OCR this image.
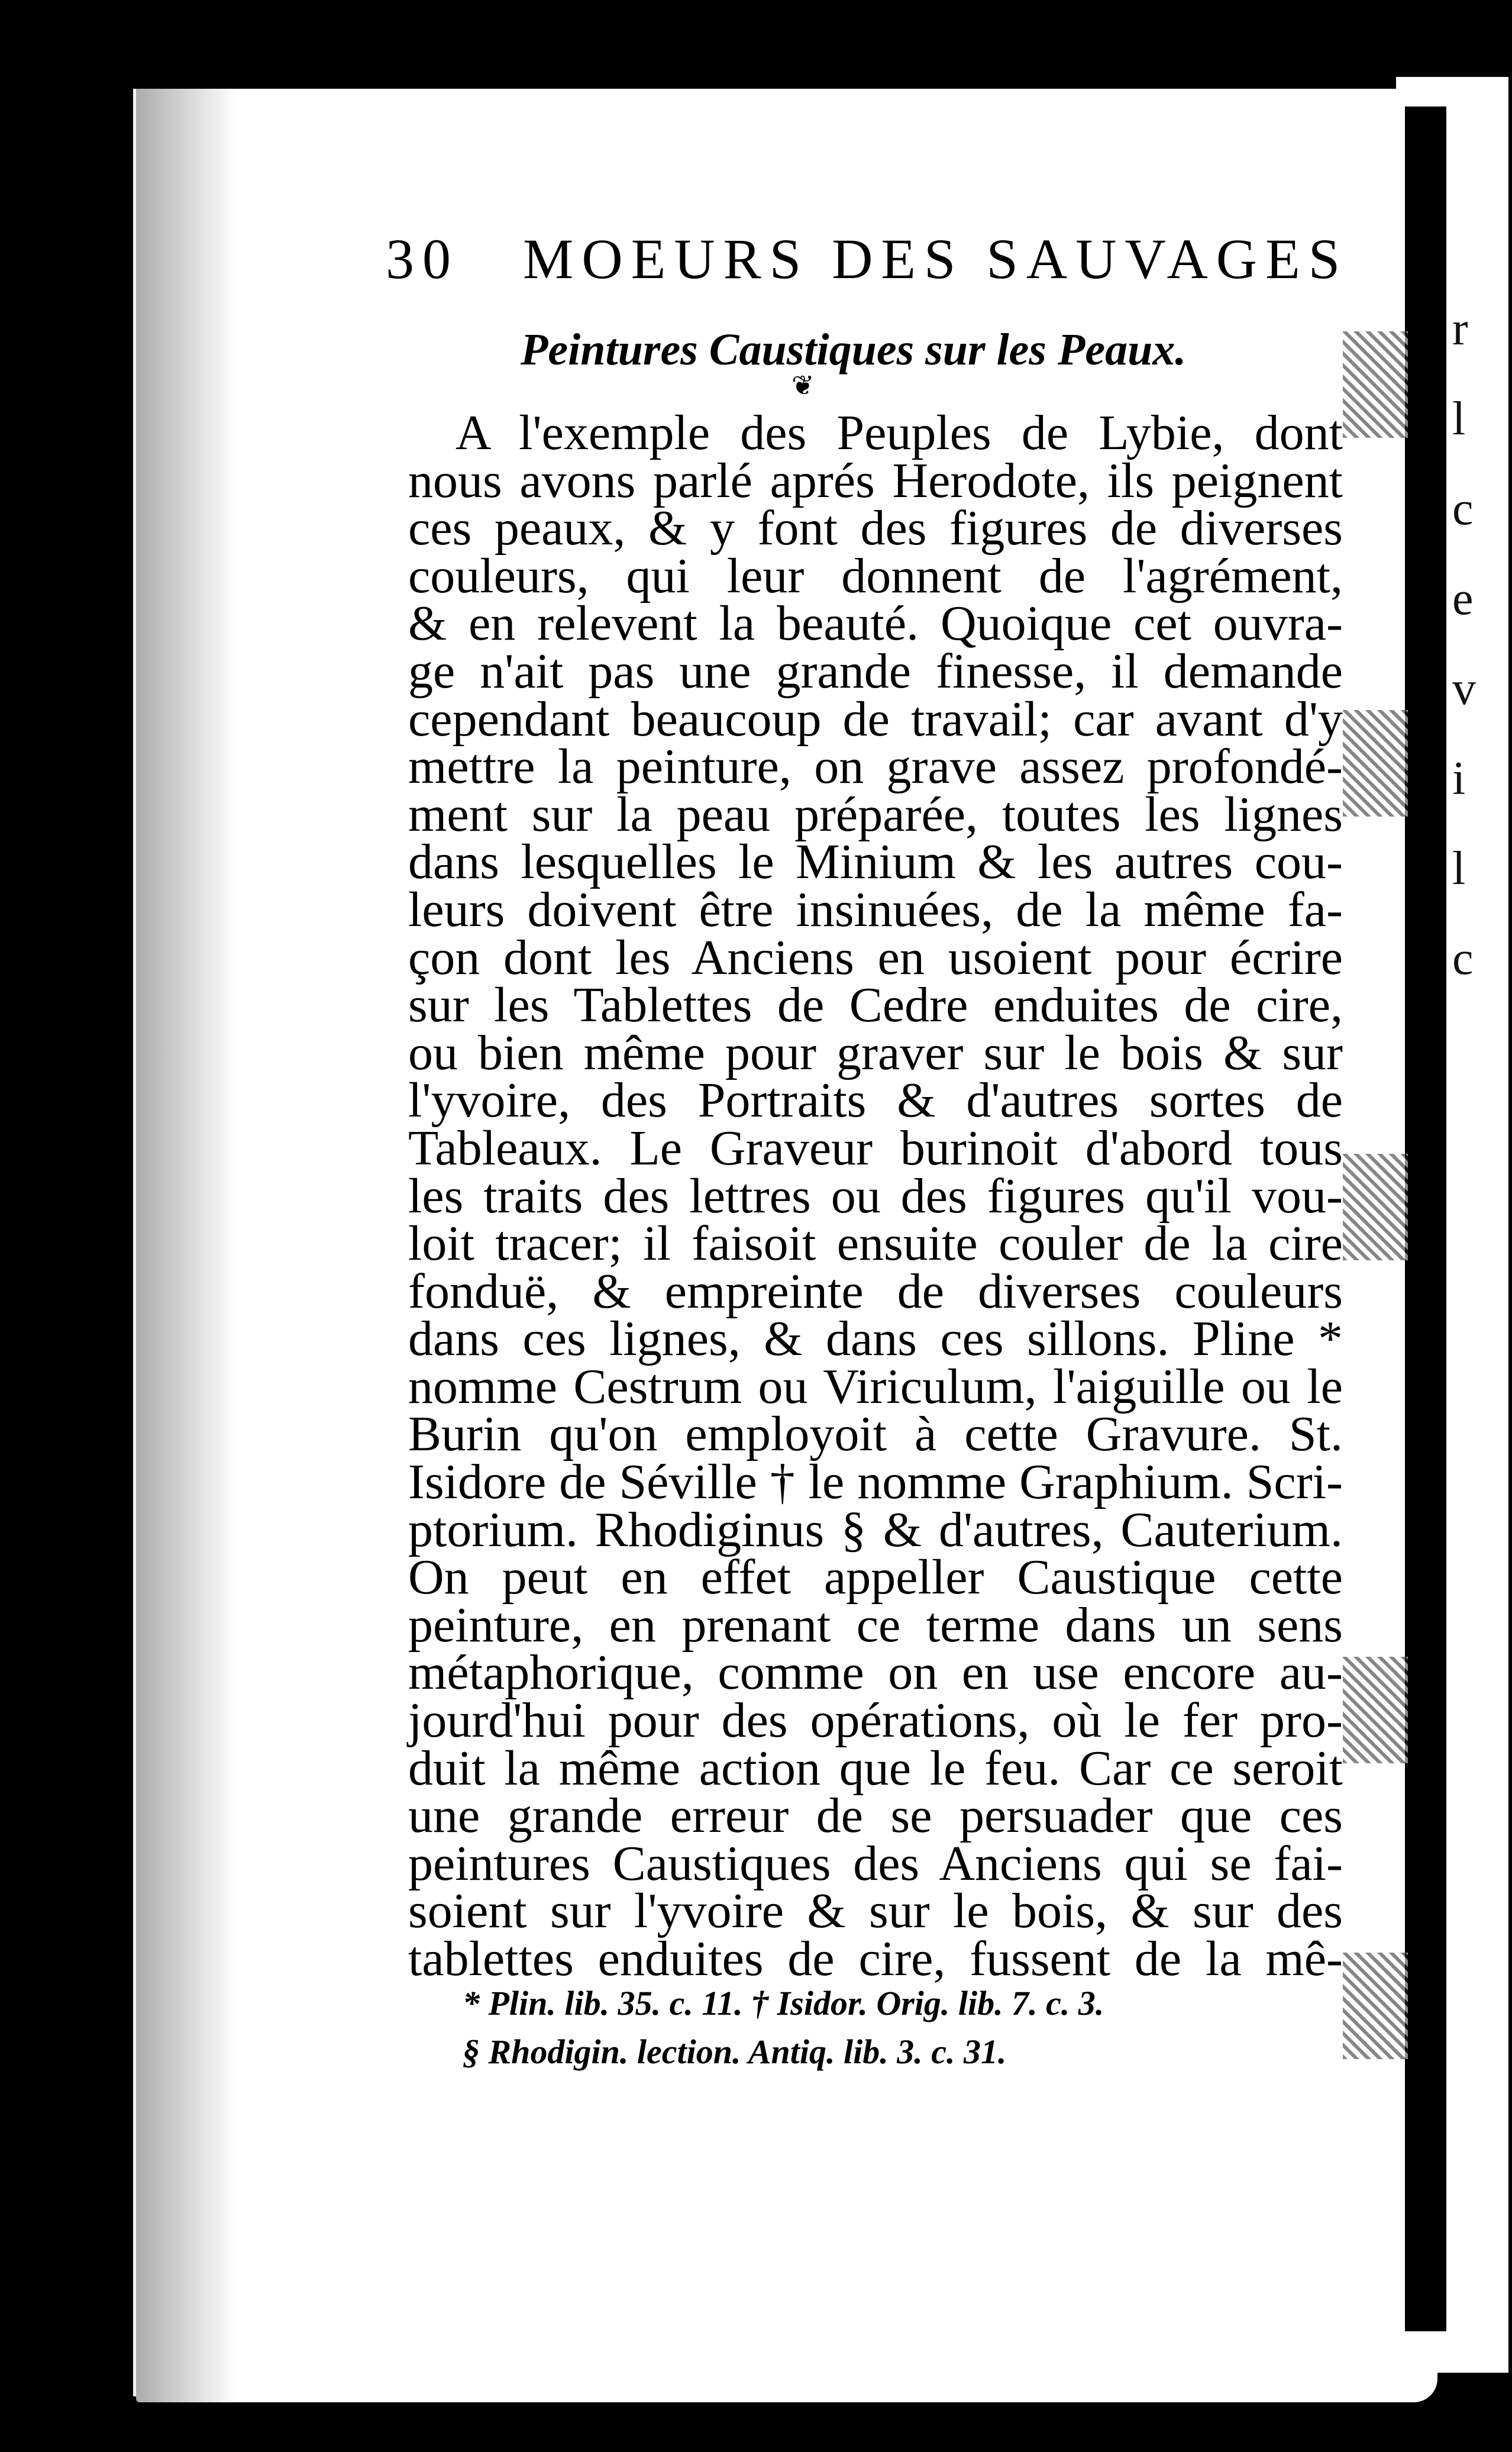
r
l
c
e
v
i
l
c
30 MOEURS DES SAUVAGES
Peintures Caustiques sur les Peaux.
❦
A l'exemple des Peuples de Lybie, dont
nous avons parlé aprés Herodote, ils peignent
ces peaux, & y font des figures de diverses
couleurs, qui leur donnent de l'agrément,
& en relevent la beauté. Quoique cet ouvra-
ge n'ait pas une grande finesse, il demande
cependant beaucoup de travail; car avant d'y
mettre la peinture, on grave assez profondé-
ment sur la peau préparée, toutes les lignes
dans lesquelles le Minium & les autres cou-
leurs doivent être insinuées, de la même fa-
çon dont les Anciens en usoient pour écrire
sur les Tablettes de Cedre enduites de cire,
ou bien même pour graver sur le bois & sur
l'yvoire, des Portraits & d'autres sortes de
Tableaux. Le Graveur burinoit d'abord tous
les traits des lettres ou des figures qu'il vou-
loit tracer; il faisoit ensuite couler de la cire
fonduë, & empreinte de diverses couleurs
dans ces lignes, & dans ces sillons. Pline *
nomme Cestrum ou Viriculum, l'aiguille ou le
Burin qu'on employoit à cette Gravure. St.
Isidore de Séville † le nomme Graphium. Scri-
ptorium. Rhodiginus § & d'autres, Cauterium.
On peut en effet appeller Caustique cette
peinture, en prenant ce terme dans un sens
métaphorique, comme on en use encore au-
jourd'hui pour des opérations, où le fer pro-
duit la même action que le feu. Car ce seroit
une grande erreur de se persuader que ces
peintures Caustiques des Anciens qui se fai-
soient sur l'yvoire & sur le bois, & sur des
tablettes enduites de cire, fussent de la mê-
* Plin. lib. 35. c. 11. † Isidor. Orig. lib. 7. c. 3.
§ Rhodigin. lection. Antiq. lib. 3. c. 31.
